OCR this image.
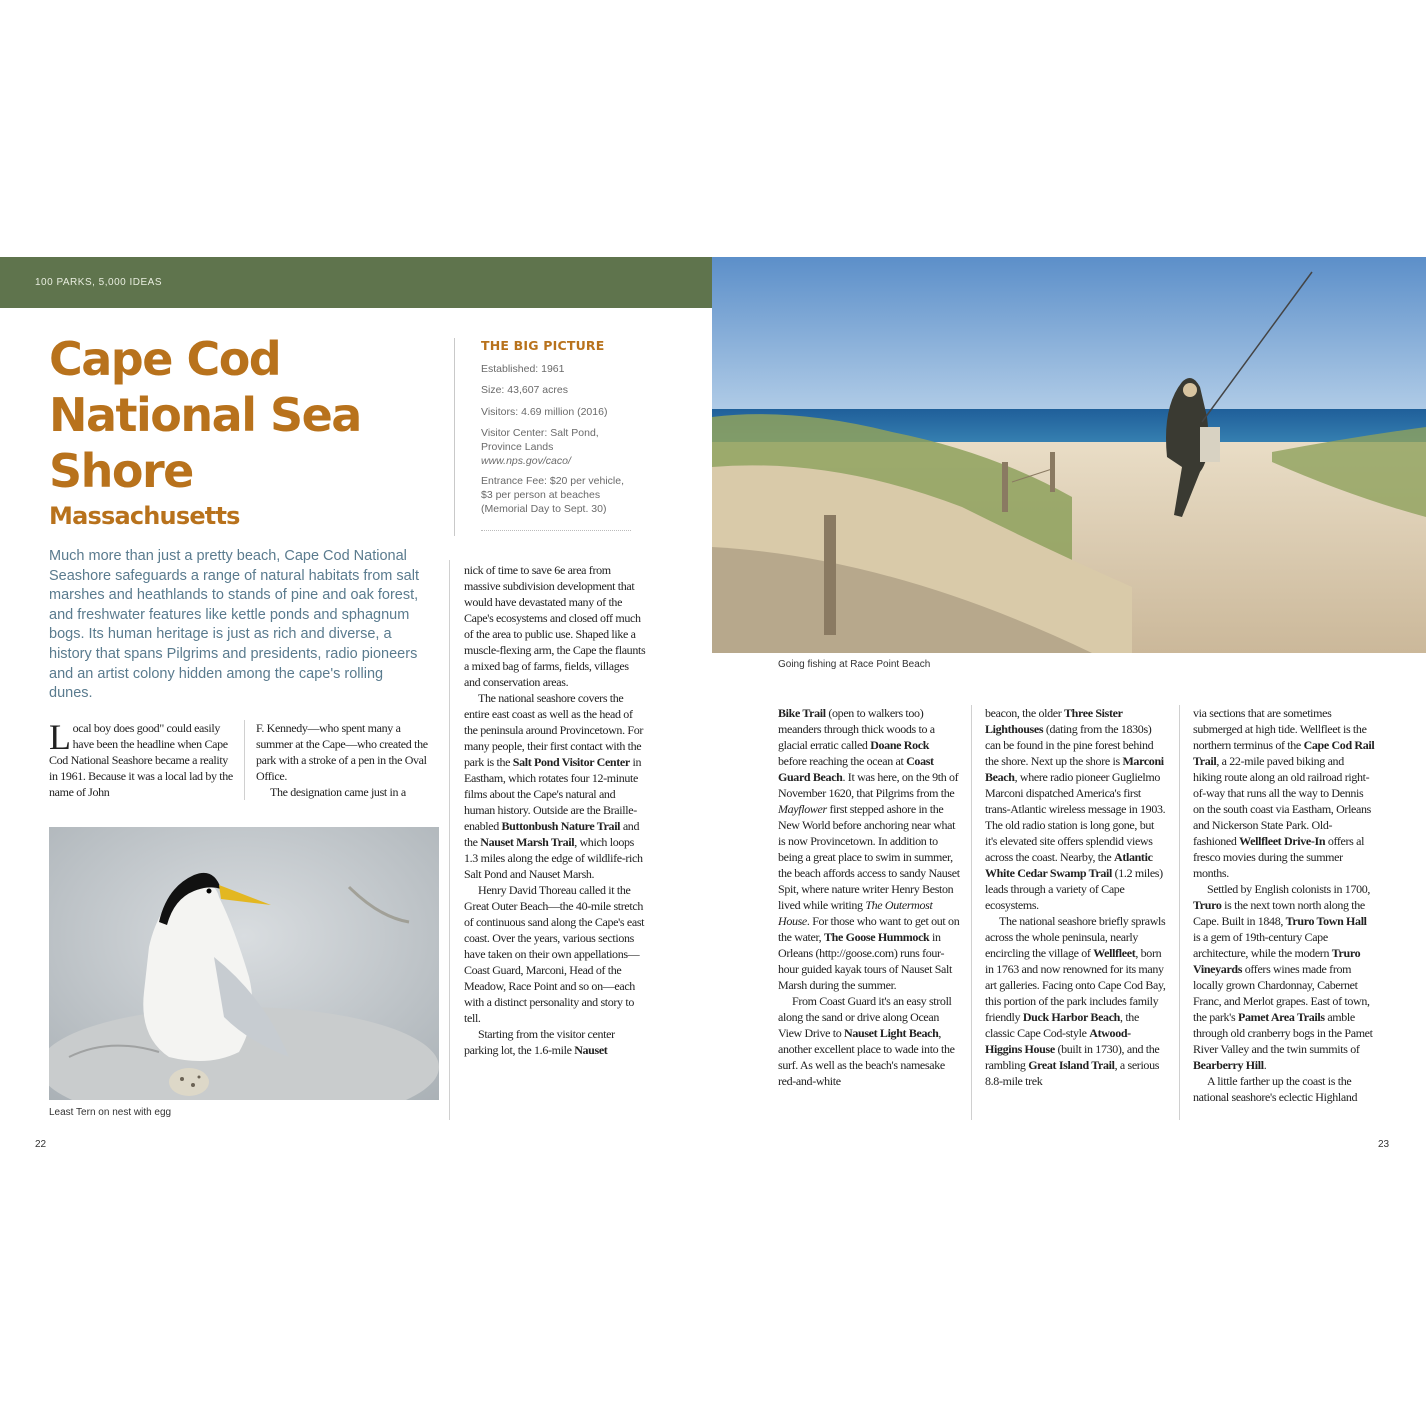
100 PARKS, 5,000 IDEAS
Cape Cod National Sea Shore
Massachusetts
Much more than just a pretty beach, Cape Cod National Seashore safeguards a range of natural habitats from salt marshes and heathlands to stands of pine and oak forest, and freshwater features like kettle ponds and sphagnum bogs. Its human heritage is just as rich and diverse, a history that spans Pilgrims and presidents, radio pioneers and an artist colony hidden among the cape's rolling dunes.
THE BIG PICTURE
Established: 1961
Size: 43,607 acres
Visitors: 4.69 million (2016)
Visitor Center: Salt Pond, Province Lands
www.nps.gov/caco/
Entrance Fee: $20 per vehicle, $3 per person at beaches (Memorial Day to Sept. 30)

Local boy does good" could easily have been the headline when Cape Cod National Seashore became a reality in 1961. Because it was a local lad by the name of John

F. Kennedy—who spent many a summer at the Cape—who created the park with a stroke of a pen in the Oval Office.

The designation came just in a

Least Tern on nest with egg

nick of time to save 6e area from massive subdivision development that would have devastated many of the Cape's ecosystems and closed off much of the area to public use. Shaped like a muscle-flexing arm, the Cape the flaunts a mixed bag of farms, fields, villages and conservation areas.

The national seashore covers the entire east coast as well as the head of the peninsula around Provincetown. For many people, their first contact with the park is the Salt Pond Visitor Center in Eastham, which rotates four 12-minute films about the Cape's natural and human history. Outside are the Braille-enabled Buttonbush Nature Trail and the Nauset Marsh Trail, which loops 1.3 miles along the edge of wildlife-rich Salt Pond and Nauset Marsh.

Henry David Thoreau called it the Great Outer Beach—the 40-mile stretch of continuous sand along the Cape's east coast. Over the years, various sections have taken on their own appellations—Coast Guard, Marconi, Head of the Meadow, Race Point and so on—each with a distinct personality and story to tell.

Starting from the visitor center parking lot, the 1.6-mile Nauset

Going fishing at Race Point Beach

Bike Trail (open to walkers too) meanders through thick woods to a glacial erratic called Doane Rock before reaching the ocean at Coast Guard Beach. It was here, on the 9th of November 1620, that Pilgrims from the Mayflower first stepped ashore in the New World before anchoring near what is now Provincetown. In addition to being a great place to swim in summer, the beach affords access to sandy Nauset Spit, where nature writer Henry Beston lived while writing The Outermost House. For those who want to get out on the water, The Goose Hummock in Orleans (http://goose.com) runs four-hour guided kayak tours of Nauset Salt Marsh during the summer.

From Coast Guard it's an easy stroll along the sand or drive along Ocean View Drive to Nauset Light Beach, another excellent place to wade into the surf. As well as the beach's namesake red-and-white

beacon, the older Three Sister Lighthouses (dating from the 1830s) can be found in the pine forest behind the shore. Next up the shore is Marconi Beach, where radio pioneer Guglielmo Marconi dispatched America's first trans-Atlantic wireless message in 1903. The old radio station is long gone, but it's elevated site offers splendid views across the coast. Nearby, the Atlantic White Cedar Swamp Trail (1.2 miles) leads through a variety of Cape ecosystems.

The national seashore briefly sprawls across the whole peninsula, nearly encircling the village of Wellfleet, born in 1763 and now renowned for its many art galleries. Facing onto Cape Cod Bay, this portion of the park includes family friendly Duck Harbor Beach, the classic Cape Cod-style Atwood-Higgins House (built in 1730), and the rambling Great Island Trail, a serious 8.8-mile trek

via sections that are sometimes submerged at high tide. Wellfleet is the northern terminus of the Cape Cod Rail Trail, a 22-mile paved biking and hiking route along an old railroad right-of-way that runs all the way to Dennis on the south coast via Eastham, Orleans and Nickerson State Park. Old-fashioned Wellfleet Drive-In offers al fresco movies during the summer months.

Settled by English colonists in 1700, Truro is the next town north along the Cape. Built in 1848, Truro Town Hall is a gem of 19th-century Cape architecture, while the modern Truro Vineyards offers wines made from locally grown Chardonnay, Cabernet Franc, and Merlot grapes. East of town, the park's Pamet Area Trails amble through old cranberry bogs in the Pamet River Valley and the twin summits of Bearberry Hill.

A little farther up the coast is the national seashore's eclectic Highland

22	23
